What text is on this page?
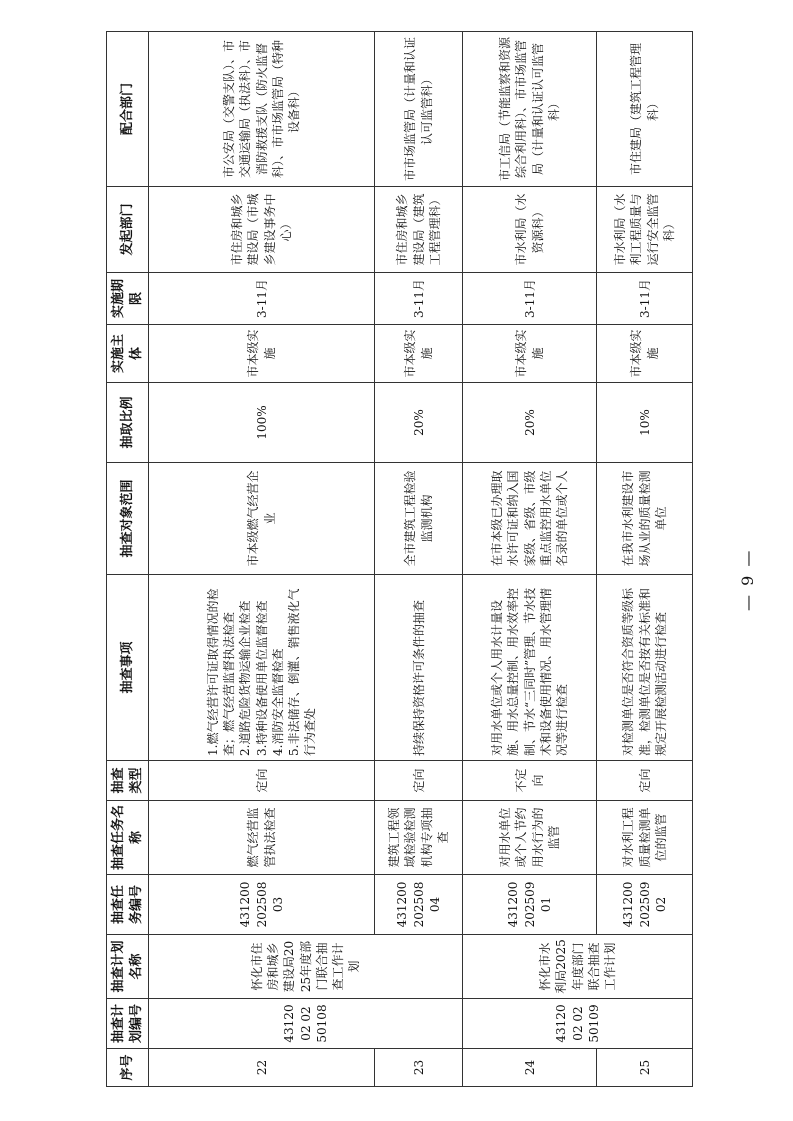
— 9 —
序号	抽查计划编号	抽查计划名称	抽查任务编号	抽查任务名称	抽查类型	抽查事项	抽查对象范围	抽取比例	实施主体	实施期限	发起部门	配合部门
22	4312002 0250108	怀化市住房和城乡建设局2025年度部门联合抽查工作计划	431200 202508 03	燃气经营监管执法检查	定向	1.燃气经营许可证取得情况的检查；燃气经营监督执法检查
2.道路危险货物运输企业检查
3.特种设备使用单位监督检查
4.消防安全监督检查
5.非法储存、倒灌、销售液化气行为查处	市本级燃气经营企业	100%	市本级实施	3-11月	市住房和城乡建设局（市城乡建设事务中心）	市公安局（交警支队）、市交通运输局（执法科）、市消防救援支队（防火监督科）、市市场监管局（特种设备科）
23			431200 202508 04	建筑工程领域检验检测机构专项抽查	定向	持续保持资格许可条件的抽查	全市建筑工程检验监测机构	20%	市本级实施	3-11月	市住房和城乡建设局（建筑工程管理科）	市市场监管局（计量和认证认可监管科）
24	4312002 0250109	怀化市水利局2025年度部门联合抽查工作计划	431200 202509 01	对用水单位或个人节约用水行为的监管	不定向	对用水单位或个人用水计量设施、用水总量控制、用水效率控制、节水“三同时”管理、节水技术和设备使用情况、用水管理情况等进行检查	在市本级已办理取水许可证和纳入国家级、省级、市级重点监控用水单位名录的单位或个人	20%	市本级实施	3-11月	市水利局（水资源科）	市工信局（节能监察和资源综合利用科）、市市场监管局（计量和认证认可监管科）
25			431200 202509 02	对水利工程质量检测单位的监管	定向	对检测单位是否符合资质等级标准，检测单位是否按有关标准和规定开展检测活动进行检查	在我市水利建设市场从业的质量检测单位	10%	市本级实施	3-11月	市水利局（水利工程质量与运行安全监管科）	市住建局（建筑工程管理科）
